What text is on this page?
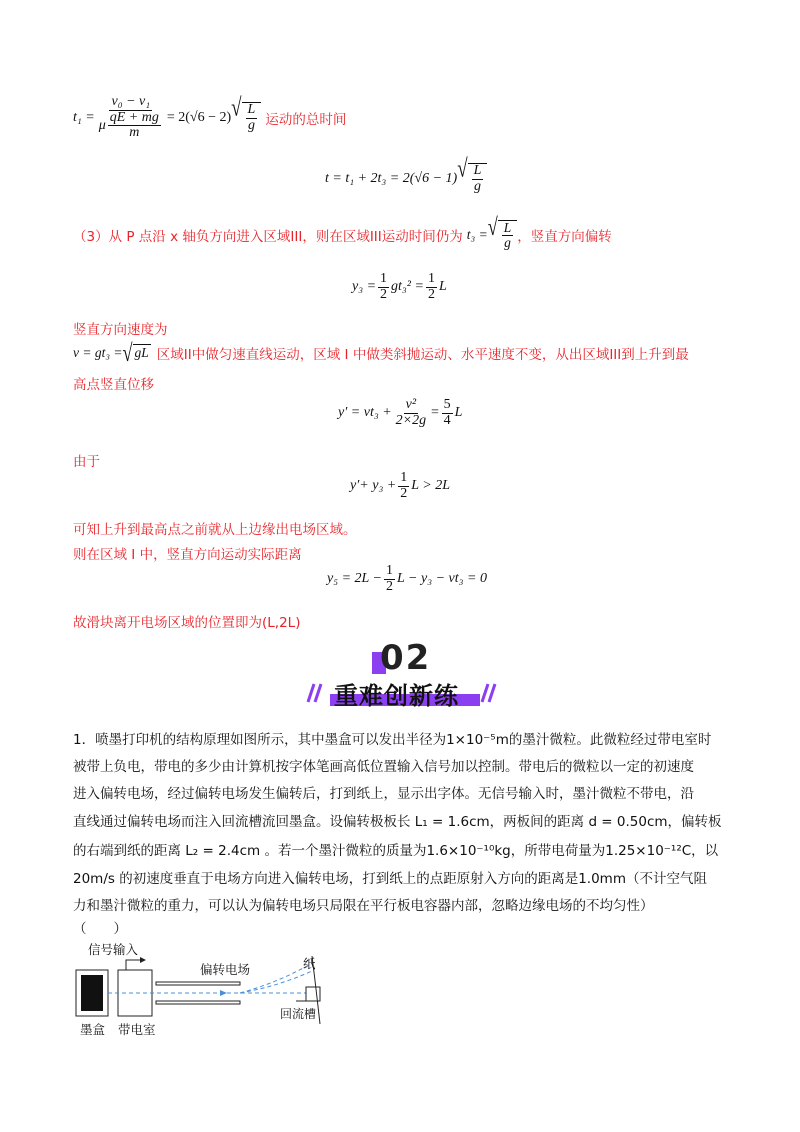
$t_1 = \frac{\text{v₀ − v₁}}{\mu \frac{qE + mg}{m}} = 2(√6 - 2)$ √ $\frac{L}{g}$ 运动的总时间
t = t₁ + 2t₃ = 2(√6 − 1) √ $\frac{L}{g}$
（3）从 P 点沿 x 轴负方向进入区域III，则在区域III运动时间仍为 t₃ = √ $\frac{L}{g}$ ，竖直方向偏转
$y_3 = \frac{1}{2} gt_3^2 = \frac{1}{2}$ L
竖直方向速度为
v = gt₃ = √ gL 区域II中做匀速直线运动，区域 I 中做类斜抛运动、水平速度不变，从出区域III到上升到最
高点竖直位移
$y' = vt_3 + \frac{\text{v²}}{2\times 2g} = \frac{5}{4}$ L
由于
$y'+ y_3 + \frac{1}{2}$ L > 2L
可知上升到最高点之前就从上边缘出电场区域。
则在区域 I 中，竖直方向运动实际距离
$y_5 = 2L - \frac{1}{2}$ L − y₃ − vt₃ = 0
故滑块离开电场区域的位置即为(L,2L)
02
重难创新练
1．喷墨打印机的结构原理如图所示，其中墨盒可以发出半径为1×10⁻⁵m的墨汁微粒。此微粒经过带电室时
被带上负电，带电的多少由计算机按字体笔画高低位置输入信号加以控制。带电后的微粒以一定的初速度
进入偏转电场，经过偏转电场发生偏转后，打到纸上，显示出字体。无信号输入时，墨汁微粒不带电，沿
直线通过偏转电场而注入回流槽流回墨盒。设偏转极板长 L₁ = 1.6cm，两板间的距离 d = 0.50cm，偏转板
的右端到纸的距离 L₂ = 2.4cm 。若一个墨汁微粒的质量为1.6×10⁻¹⁰kg，所带电荷量为1.25×10⁻¹²C，以
20m/s 的初速度垂直于电场方向进入偏转电场，打到纸上的点距原射入方向的距离是1.0mm（不计空气阻
力和墨汁微粒的重力，可以认为偏转电场只局限在平行板电容器内部，忽略边缘电场的不均匀性）
（　　）
信号输入
偏转电场	纸
墨盒 带电室
回流槽
